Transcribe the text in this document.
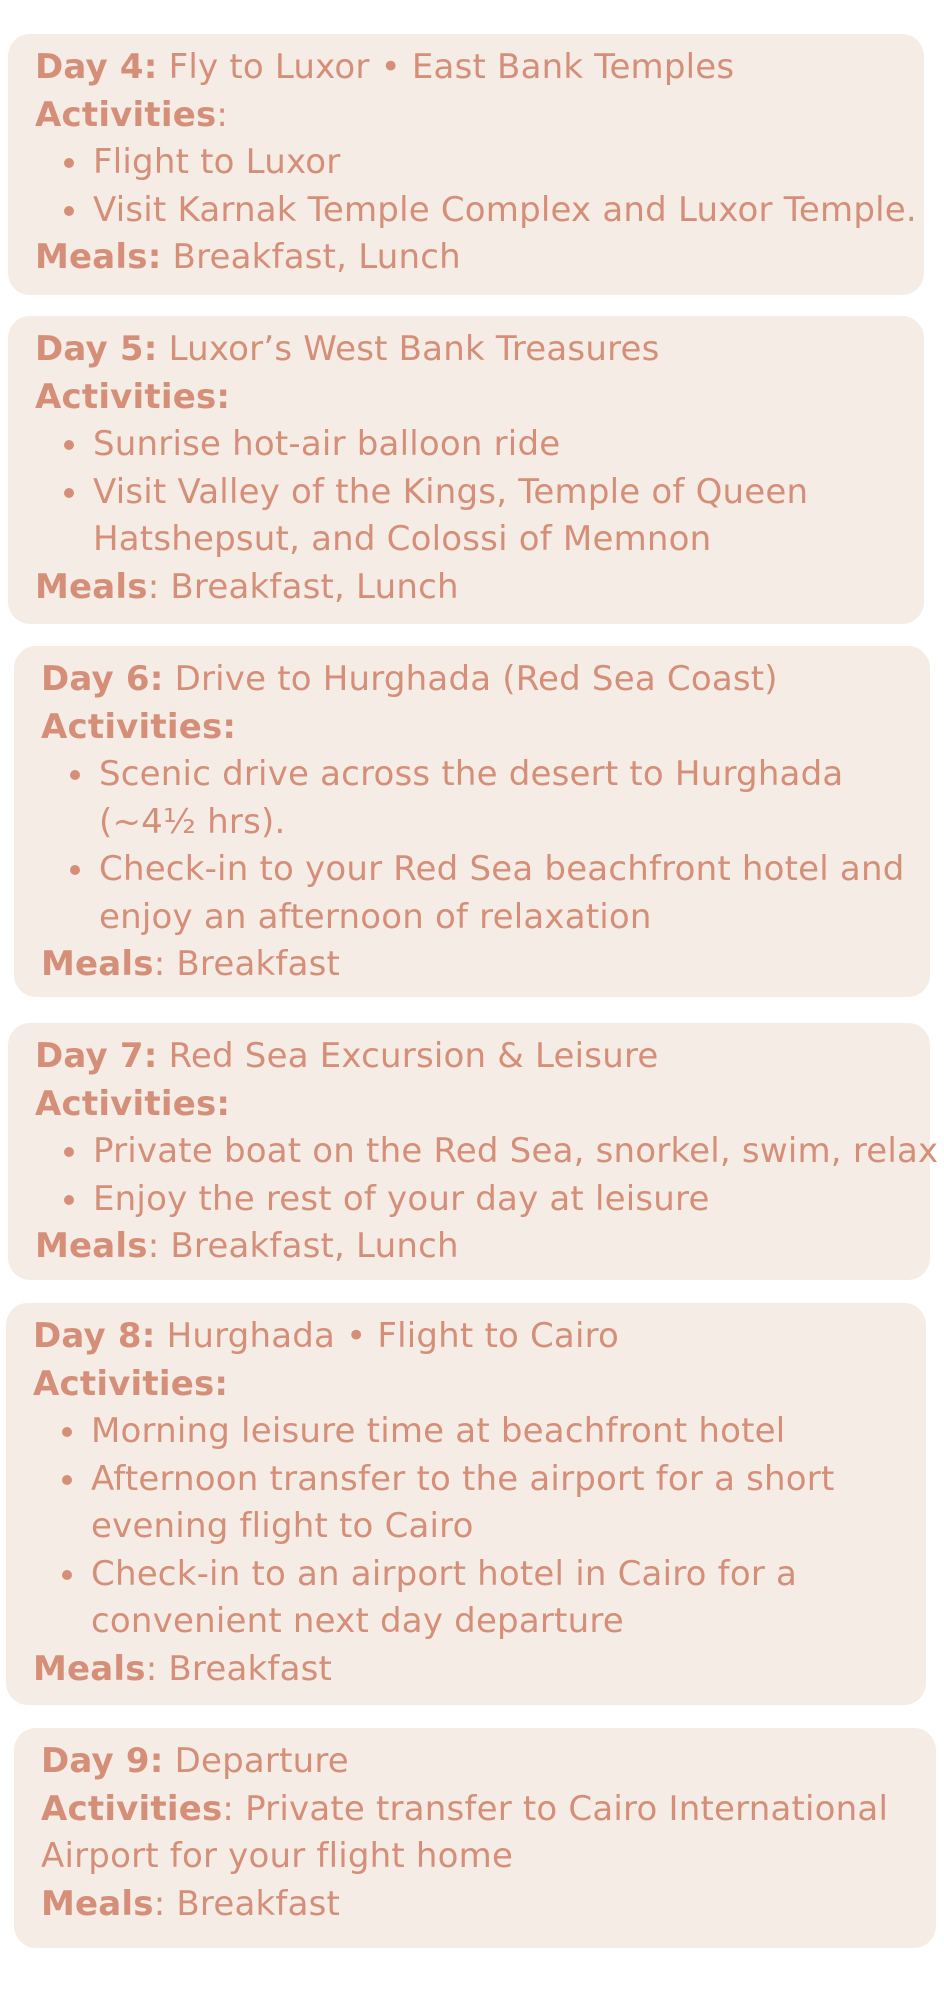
Day 4: Fly to Luxor • East Bank Temples
Activities:
Flight to Luxor
Visit Karnak Temple Complex and Luxor Temple.
Meals: Breakfast, Lunch
Day 5: Luxor’s West Bank Treasures
Activities:
Sunrise hot-air balloon ride
Visit Valley of the Kings, Temple of Queen Hatshepsut, and Colossi of Memnon
Meals: Breakfast, Lunch
Day 6: Drive to Hurghada (Red Sea Coast)
Activities:
Scenic drive across the desert to Hurghada (~4½ hrs).
Check-in to your Red Sea beachfront hotel and enjoy an afternoon of relaxation
Meals: Breakfast
Day 7: Red Sea Excursion & Leisure
Activities:
Private boat on the Red Sea, snorkel, swim, relax
Enjoy the rest of your day at leisure
Meals: Breakfast, Lunch
Day 8: Hurghada • Flight to Cairo
Activities:
Morning leisure time at beachfront hotel
Afternoon transfer to the airport for a short evening flight to Cairo
Check-in to an airport hotel in Cairo for a convenient next day departure
Meals: Breakfast
Day 9: Departure
Activities: Private transfer to Cairo International Airport for your flight home
Meals: Breakfast
